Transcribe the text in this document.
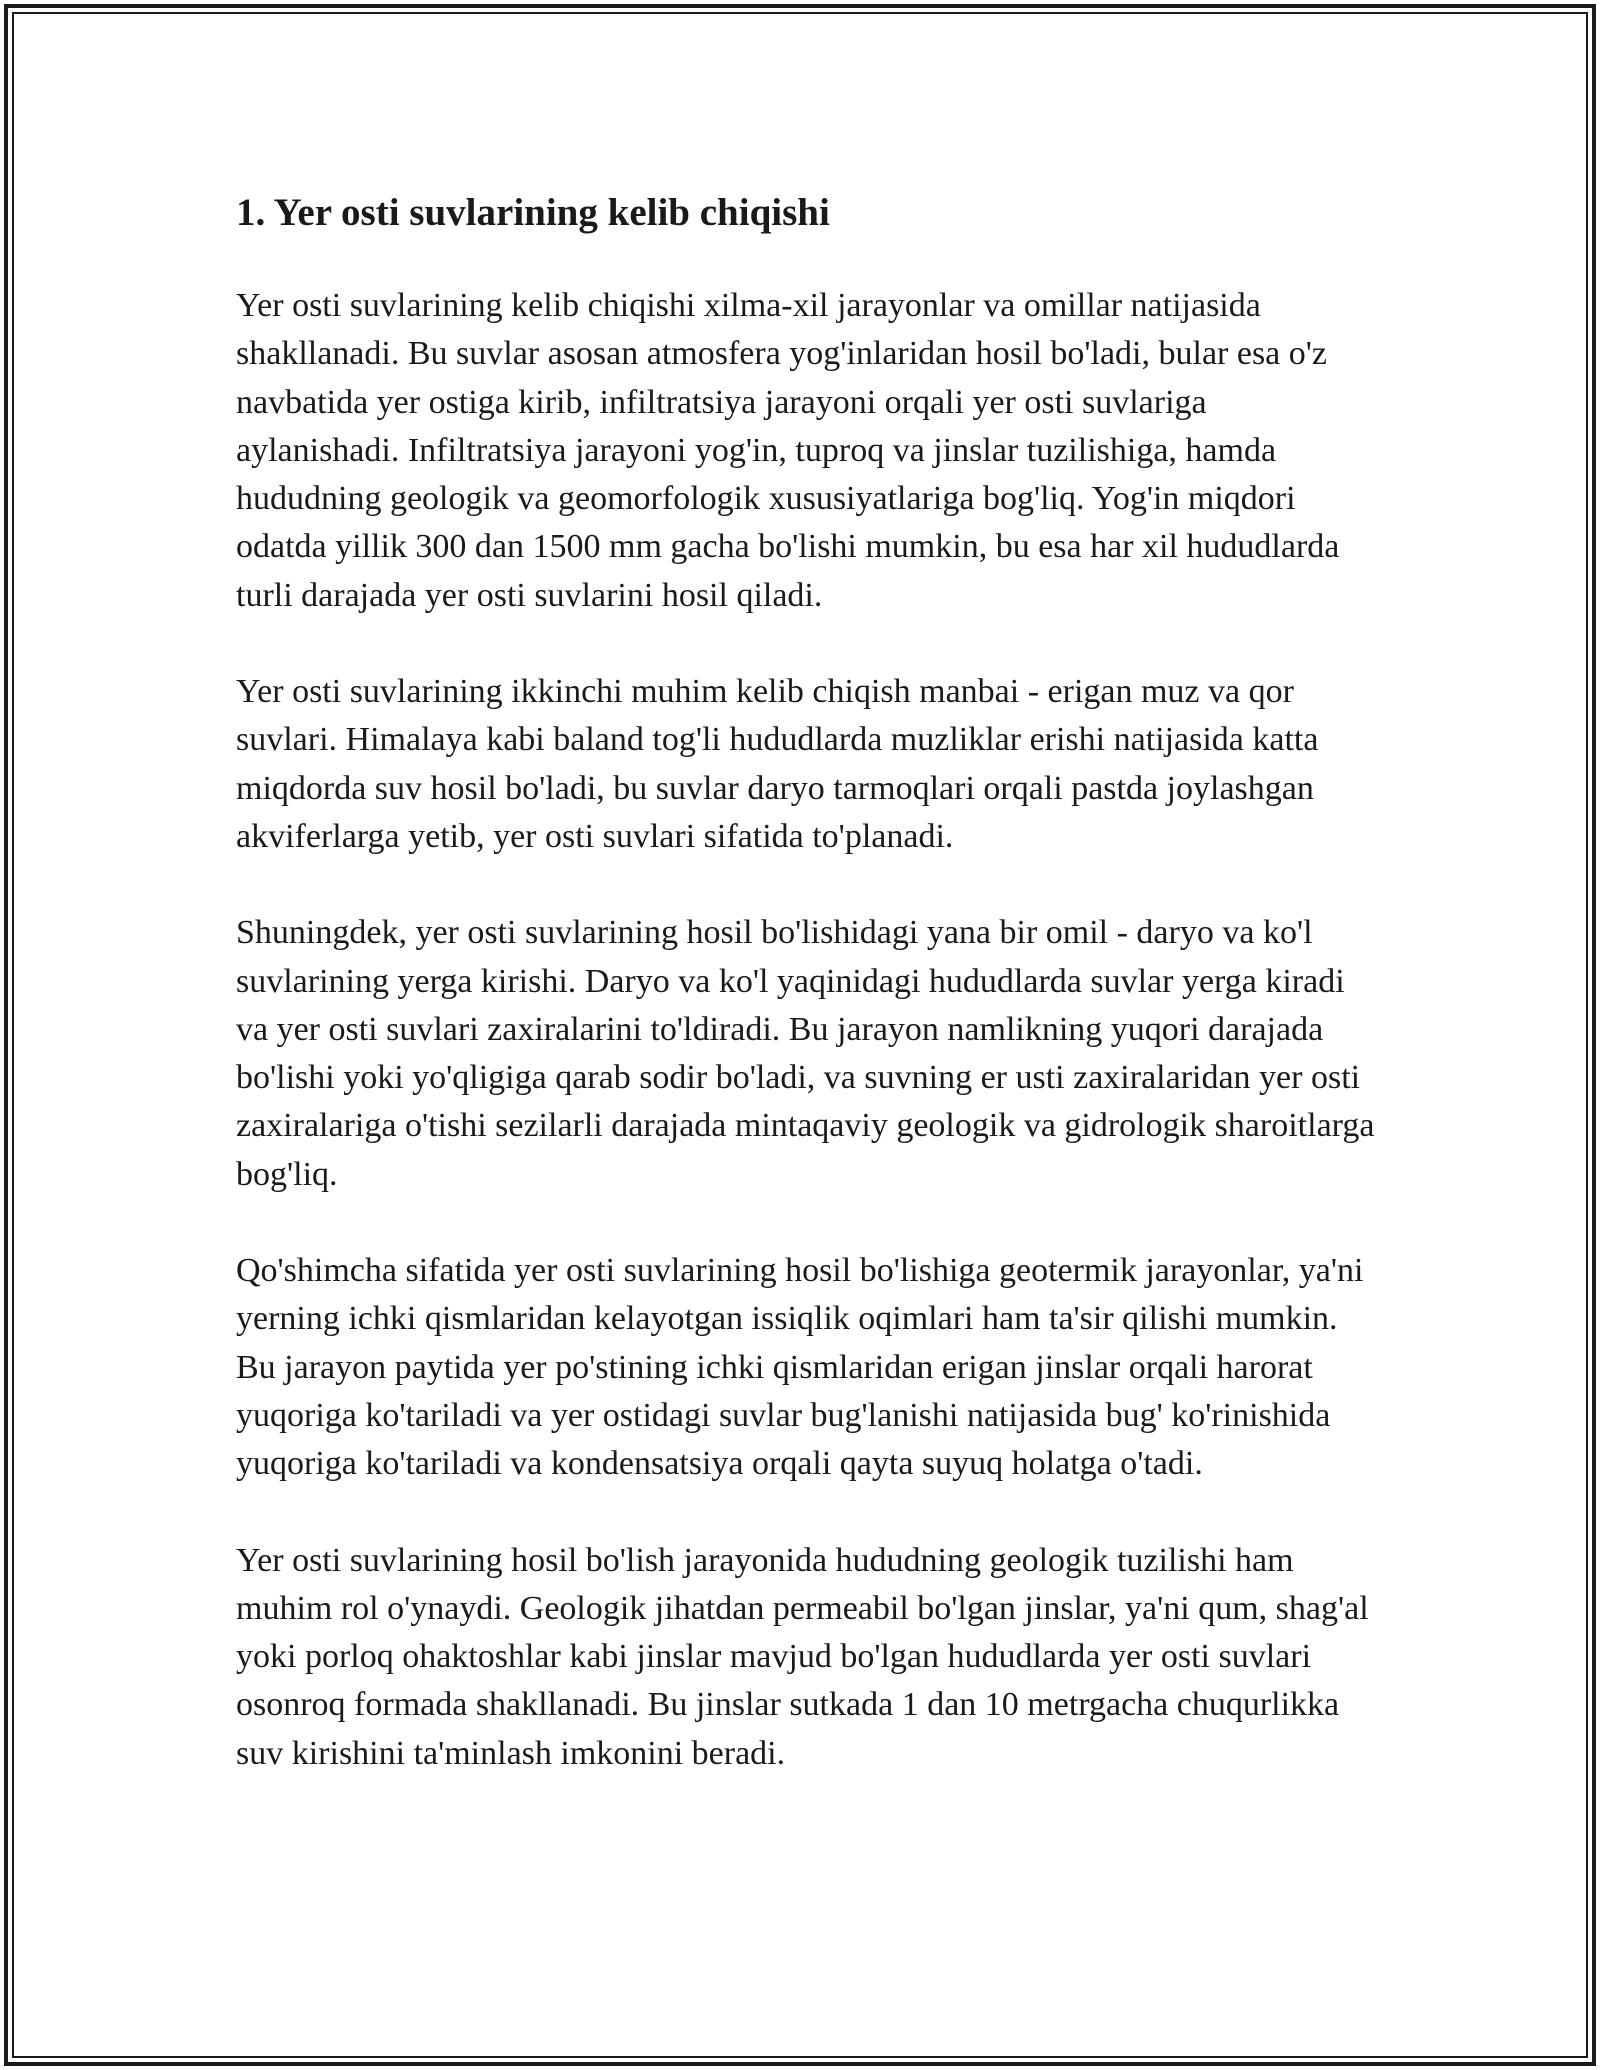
1. Yer osti suvlarining kelib chiqishi

Yer osti suvlarining kelib chiqishi xilma-xil jarayonlar va omillar natijasida shakllanadi. Bu suvlar asosan atmosfera yog'inlaridan hosil bo'ladi, bular esa o'z navbatida yer ostiga kirib, infiltratsiya jarayoni orqali yer osti suvlariga aylanishadi. Infiltratsiya jarayoni yog'in, tuproq va jinslar tuzilishiga, hamda hududning geologik va geomorfologik xususiyatlariga bog'liq. Yog'in miqdori odatda yillik 300 dan 1500 mm gacha bo'lishi mumkin, bu esa har xil hududlarda turli darajada yer osti suvlarini hosil qiladi.

Yer osti suvlarining ikkinchi muhim kelib chiqish manbai - erigan muz va qor suvlari. Himalaya kabi baland tog'li hududlarda muzliklar erishi natijasida katta miqdorda suv hosil bo'ladi, bu suvlar daryo tarmoqlari orqali pastda joylashgan akviferlarga yetib, yer osti suvlari sifatida to'planadi.

Shuningdek, yer osti suvlarining hosil bo'lishidagi yana bir omil - daryo va ko'l suvlarining yerga kirishi. Daryo va ko'l yaqinidagi hududlarda suvlar yerga kiradi va yer osti suvlari zaxiralarini to'ldiradi. Bu jarayon namlikning yuqori darajada bo'lishi yoki yo'qligiga qarab sodir bo'ladi, va suvning er usti zaxiralaridan yer osti zaxiralariga o'tishi sezilarli darajada mintaqaviy geologik va gidrologik sharoitlarga bog'liq.

Qo'shimcha sifatida yer osti suvlarining hosil bo'lishiga geotermik jarayonlar, ya'ni yerning ichki qismlaridan kelayotgan issiqlik oqimlari ham ta'sir qilishi mumkin. Bu jarayon paytida yer po'stining ichki qismlaridan erigan jinslar orqali harorat yuqoriga ko'tariladi va yer ostidagi suvlar bug'lanishi natijasida bug' ko'rinishida yuqoriga ko'tariladi va kondensatsiya orqali qayta suyuq holatga o'tadi.

Yer osti suvlarining hosil bo'lish jarayonida hududning geologik tuzilishi ham muhim rol o'ynaydi. Geologik jihatdan permeabil bo'lgan jinslar, ya'ni qum, shag'al yoki porloq ohaktoshlar kabi jinslar mavjud bo'lgan hududlarda yer osti suvlari osonroq formada shakllanadi. Bu jinslar sutkada 1 dan 10 metrgacha chuqurlikka suv kirishini ta'minlash imkonini beradi.
